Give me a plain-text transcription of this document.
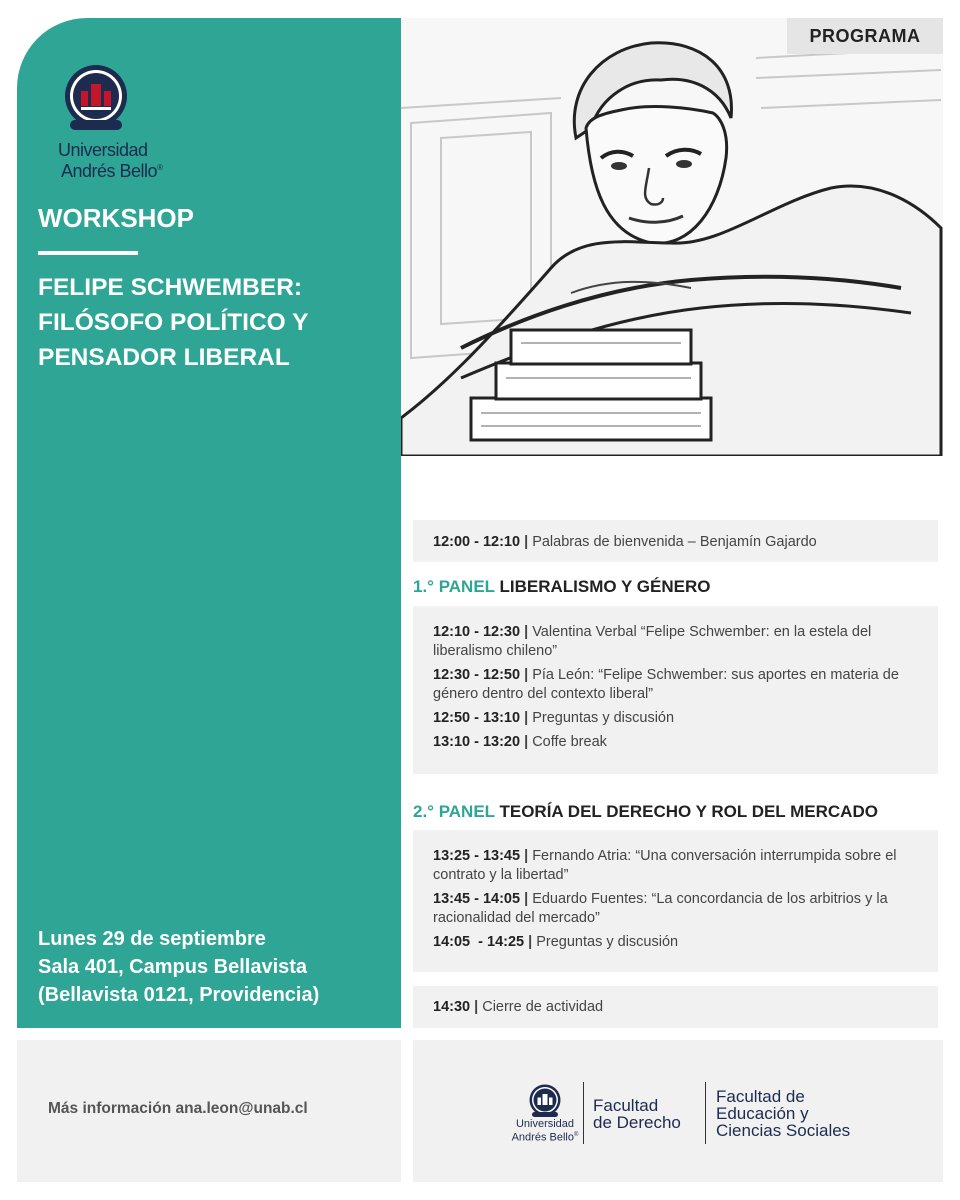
Universidad
Andrés Bello®
WORKSHOP
FELIPE SCHWEMBER:
FILÓSOFO POLÍTICO Y
PENSADOR LIBERAL
Lunes 29 de septiembre
Sala 401, Campus Bellavista
(Bellavista 0121, Providencia)
PROGRAMA
12:00 - 12:10 | Palabras de bienvenida – Benjamín Gajardo
1.° PANEL LIBERALISMO Y GÉNERO
12:10 - 12:30 | Valentina Verbal “Felipe Schwember: en la estela del liberalismo chileno”
12:30 - 12:50 | Pía León: “Felipe Schwember: sus aportes en materia de género dentro del contexto liberal”
12:50 - 13:10 | Preguntas y discusión
13:10 - 13:20 | Coffe break
2.° PANEL TEORÍA DEL DERECHO Y ROL DEL MERCADO
13:25 - 13:45 | Fernando Atria: “Una conversación interrumpida sobre el contrato y la libertad”
13:45 - 14:05 | Eduardo Fuentes: “La concordancia de los arbitrios y la racionalidad del mercado”
14:05  - 14:25 | Preguntas y discusión
14:30 | Cierre de actividad
Más información ana.leon@unab.cl
Universidad
Andrés Bello®
Facultad
de Derecho
Facultad de
Educación y
Ciencias Sociales
